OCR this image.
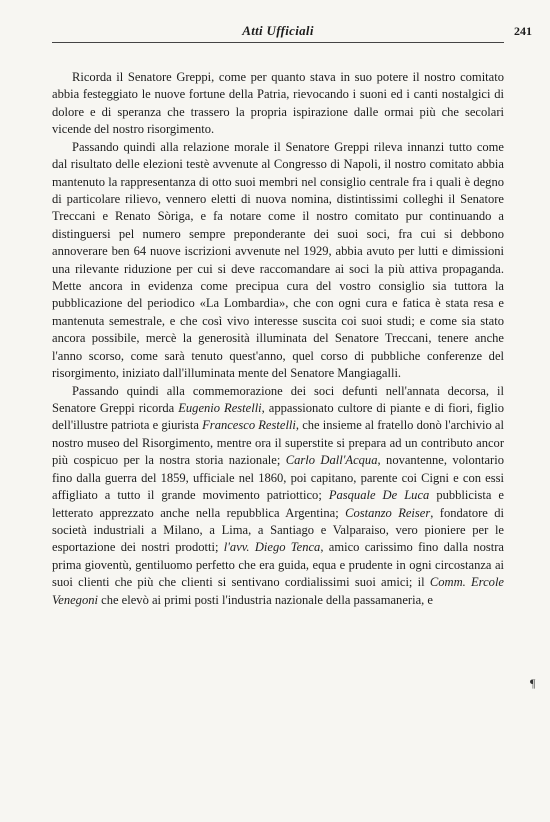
Atti Ufficiali	241

Ricorda il Senatore Greppi, come per quanto stava in suo potere il nostro comitato abbia festeggiato le nuove fortune della Patria, rievocando i suoni ed i canti nostalgici di dolore e di speranza che trassero la propria ispirazione dalle ormai più che secolari vicende del nostro risorgimento.

Passando quindi alla relazione morale il Senatore Greppi rileva innanzi tutto come dal risultato delle elezioni testè avvenute al Congresso di Napoli, il nostro comitato abbia mantenuto la rappresentanza di otto suoi membri nel consiglio centrale fra i quali è degno di particolare rilievo, vennero eletti di nuova nomina, distintissimi colleghi il Senatore Treccani e Renato Sòriga, e fa notare come il nostro comitato pur continuando a distinguersi pel numero sempre preponderante dei suoi soci, fra cui si debbono annoverare ben 64 nuove iscrizioni avvenute nel 1929, abbia avuto per lutti e dimissioni una rilevante riduzione per cui si deve raccomandare ai soci la più attiva propaganda. Mette ancora in evidenza come precipua cura del vostro consiglio sia tuttora la pubblicazione del periodico «La Lombardia», che con ogni cura e fatica è stata resa e mantenuta semestrale, e che così vivo interesse suscita coi suoi studi; e come sia stato ancora possibile, mercè la generosità illuminata del Senatore Treccani, tenere anche l'anno scorso, come sarà tenuto quest'anno, quel corso di pubbliche conferenze del risorgimento, iniziato dall'illuminata mente del Senatore Mangiagalli.

Passando quindi alla commemorazione dei soci defunti nell'annata decorsa, il Senatore Greppi ricorda Eugenio Restelli, appassionato cultore di piante e di fiori, figlio dell'illustre patriota e giurista Francesco Restelli, che insieme al fratello donò l'archivio al nostro museo del Risorgimento, mentre ora il superstite si prepara ad un contributo ancor più cospicuo per la nostra storia nazionale; Carlo Dall'Acqua, novantenne, volontario fino dalla guerra del 1859, ufficiale nel 1860, poi capitano, parente coi Cigni e con essi affigliato a tutto il grande movimento patriottico; Pasquale De Luca pubblicista e letterato apprezzato anche nella repubblica Argentina; Costanzo Reiser, fondatore di società industriali a Milano, a Lima, a Santiago e Valparaiso, vero pioniere per le esportazione dei nostri prodotti; l'avv. Diego Tenca, amico carissimo fino dalla nostra prima gioventù, gentiluomo perfetto che era guida, equa e prudente in ogni circostanza ai suoi clienti che più che clienti si sentivano cordialissimi suoi amici; il Comm. Ercole Venegoni che elevò ai primi posti l'industria nazionale della passamaneria, e

¶
